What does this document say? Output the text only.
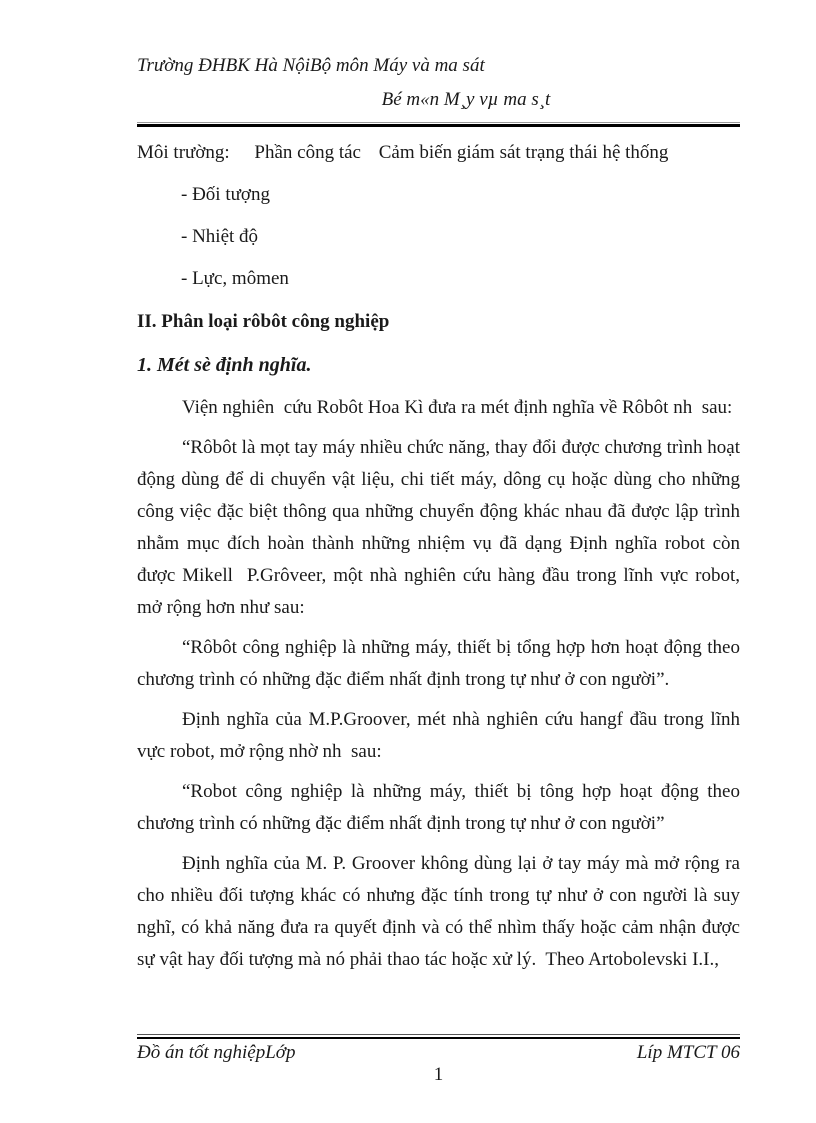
Trường ĐHBK Hà NộiBộ môn Máy và ma sát
Bé m«n M¸y vµ ma s¸t
Môi trường: Phần công tác Cảm biến giám sát trạng thái hệ thống
- Đối tượng
- Nhiệt độ
- Lực, mômen
II. Phân loại rôbôt công nghiệp
1. Mét sè định nghĩa.

Viện nghiên  cứu Robôt Hoa Kì đưa ra mét định nghĩa về Rôbôt nh  sau:

“Rôbôt là mọt tay máy nhiều chức năng, thay đổi được chương trình hoạt động dùng để di chuyển vật liệu, chi tiết máy, dông cụ hoặc dùng cho những công việc đặc biệt thông qua những chuyển động khác nhau đã được lập trình nhằm mục đích hoàn thành những nhiệm vụ đã dạng Định nghĩa robot còn được Mikell  P.Grôveer, một nhà nghiên cứu hàng đầu trong lĩnh vực robot, mở rộng hơn như sau:

“Rôbôt công nghiệp là những máy, thiết bị tổng hợp hơn hoạt động theo chương trình có những đặc điểm nhất định trong tự như ở con người”.

Định nghĩa của M.P.Groover, mét nhà nghiên cứu hangf đầu trong lĩnh vực robot, mở rộng nhờ nh  sau:

“Robot công nghiệp là những máy, thiết bị tông hợp hoạt động theo chương trình có những đặc điểm nhất định trong tự như ở con người”

Định nghĩa của M. P. Groover không dùng lại ở tay máy mà mở rộng ra cho nhiều đối tượng khác có nhưng đặc tính trong tự như ở con người là suy nghĩ, có khả năng đưa ra quyết định và có thể nhìm thấy hoặc cảm nhận được sự vật hay đối tượng mà nó phải thao tác hoặc xử lý.  Theo Artobolevski I.I.,

Đồ án tốt nghiệpLớp	Líp MTCT 06
1
